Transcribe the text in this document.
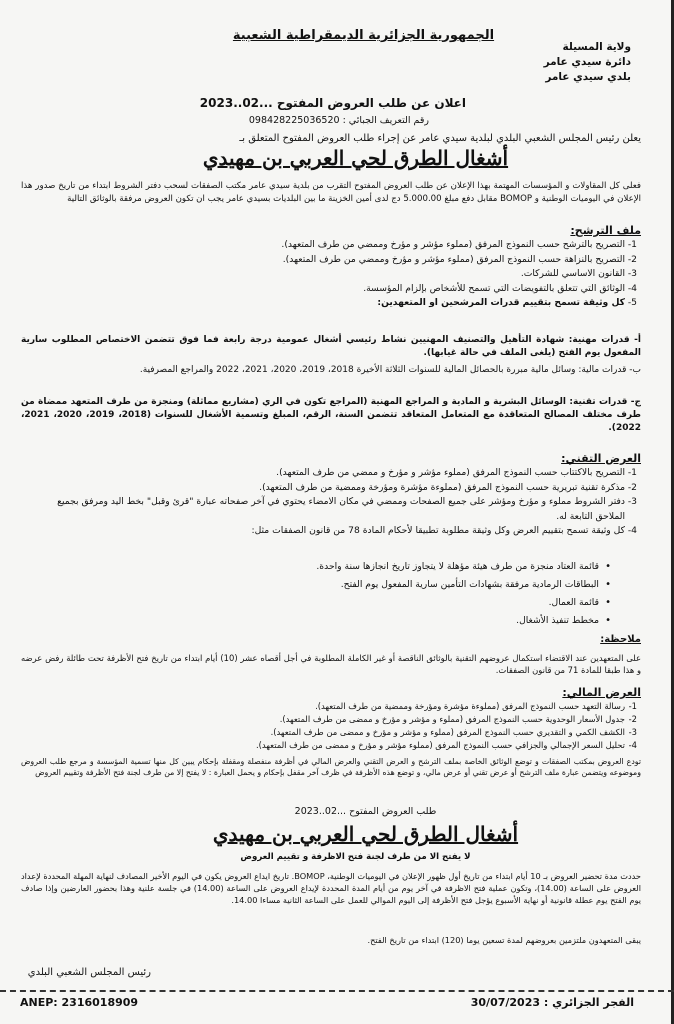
الجمهورية الجزائرية الديمقراطية الشعبية
ولاية المسيلة
دائرة سيدي عامر
بلدي سيدي عامر
اعلان عن طلب العروض المفتوح ...02..2023
رقم التعريف الجبائي : 098428225036520
يعلن رئيس المجلس الشعبي البلدي لبلدية سيدي عامر عن إجراء طلب العروض المفتوح المتعلق بـ
أشغال الطرق لحي العربي بن مهيدي
فعلى كل المقاولات و المؤسسات المهتمة بهذا الإعلان عن طلب العروض المفتوح التقرب من بلدية سيدي عامر مكتب الصفقات لسحب دفتر الشروط ابتداء من تاريخ صدور هذا الإعلان في اليوميات الوطنية و BOMOP مقابل دفع مبلغ 5.000.00 دج لدى أمين الخزينة ما بين البلديات بسيدي عامر يجب ان تكون العروض مرفقة بالوثائق التالية
ملف الترشح:
1-
التصريح بالترشح حسب النموذج المرفق (مملوء مؤشر و مؤرخ وممضي من طرف المتعهد).
2-
التصريح بالنزاهة حسب النموذج المرفق (مملوء مؤشر و مؤرخ وممضي من طرف المتعهد).
3-
القانون الاساسي للشركات.
4-
الوثائق التي تتعلق بالتفويضات التي تسمح للأشخاص بإلزام المؤسسة.
5-
كل وثيقة تسمح بتقييم قدرات المرشحين او المتعهدين:
أ- قدرات مهنية: شهادة التأهيل والتصنيف المهنيين نشاط رئيسي أشغال عمومية درجة رابعة فما فوق تتضمن الاختصاص المطلوب سارية المفعول يوم الفتح (يلغى الملف في حالة غيابها).
ب- قدرات مالية: وسائل مالية مبررة بالحصائل المالية للسنوات الثلاثة الأخيرة 2018، 2019، 2020، 2021، 2022 والمراجع المصرفية.
ج- قدرات تقنية: الوسائل البشرية و المادية و المراجع المهنية (المراجع تكون في الري (مشاريع مماثلة) ومنجزة من طرف المتعهد ممضاة من طرف مختلف المصالح المتعاقدة مع المتعامل المتعاقد تتضمن السنة، الرقم، المبلغ وتسمية الأشغال للسنوات (2018، 2019، 2020، 2021، 2022).
العرض التقني:
1-
التصريح بالاكتتاب حسب النموذج المرفق (مملوء مؤشر و مؤرخ و ممضي من طرف المتعهد).
2-
مذكرة تقنية تبريرية حسب النموذج المرفق (مملوءة مؤشرة ومؤرخة وممضية من طرف المتعهد).
3-
دفتر الشروط مملوء و مؤرخ ومؤشر على جميع الصفحات وممضي في مكان الامضاء يحتوي في آخر صفحاته عبارة "قرئ وقبل" بخط اليد ومرفق بجميع الملاحق التابعة له.
4-
كل وثيقة تسمح بتقييم العرض وكل وثيقة مطلوبة تطبيقا لأحكام المادة 78 من قانون الصفقات مثل:
•
قائمة العتاد منجزة من طرف هيئة مؤهلة لا يتجاوز تاريخ انجازها سنة واحدة.
•
البطاقات الرمادية مرفقة بشهادات التأمين سارية المفعول يوم الفتح.
•
قائمة العمال.
•
مخطط تنفيذ الأشغال.
ملاحظة:
على المتعهدين عند الاقتضاء استكمال عروضهم التقنية بالوثائق الناقصة أو غير الكاملة المطلوبة في أجل أقصاه عشر (10) أيام ابتداء من تاريخ فتح الأظرفة تحت طائلة رفض عرضه و هذا طبقا للمادة 71 من قانون الصفقات.
العرض المالي:
1-
رسالة التعهد حسب النموذج المرفق (مملوءة مؤشرة ومؤرخة وممضية من طرف المتعهد).
2-
جدول الأسعار الوحدوية حسب النموذج المرفق (مملوء و مؤشر و مؤرخ و ممضى من طرف المتعهد).
3-
الكشف الكمي و التقديري حسب النموذج المرفق (مملوء و مؤشر و مؤرخ و ممضى من طرف المتعهد).
4-
تحليل السعر الإجمالي والجزافي حسب النموذج المرفق (مملوء مؤشر و مؤرخ و ممضى من طرف المتعهد).
تودع العروض بمكتب الصفقات و توضع الوثائق الخاصة بملف الترشح و العرض التقني والعرض المالي في أظرفة منفصلة ومقفلة بإحكام يبين كل منها تسمية المؤسسة و مرجع طلب العروض وموضوعه ويتضمن عبارة ملف الترشح أو عرض تقني أو عرض مالي، و توضع هذه الأظرفة في ظرف آخر مقفل بإحكام و يحمل العبارة : لا يفتح إلا من طرف لجنة فتح الأظرفة وتقييم العروض
طلب العروض المفتوح ...02..2023
أشغال الطرق لحي العربي بن مهيدي
لا يفتح الا من طرف لجنة فتح الاظرفة و تقييم العروض
حددت مدة تحضير العروض بـ 10 أيام ابتداء من تاريخ أول ظهور الإعلان في اليوميات الوطنية، BOMOP. تاريخ ايداع العروض يكون في اليوم الأخير المصادف لنهاية المهلة المحددة لإعداد العروض على الساعة (14.00)، وتكون عملية فتح الاظرفة في آخر يوم من أيام المدة المحددة لإيداع العروض على الساعة (14.00) في جلسة علنية وهذا بحضور العارضين وإذا صادف يوم الفتح يوم عطلة قانونية أو نهاية الأسبوع يؤجل فتح الأظرفة إلى اليوم الموالي للعمل على الساعة الثانية مساءا 14.00.
يبقى المتعهدون ملتزمين بعروضهم لمدة تسعين يوما (120) ابتداء من تاريخ الفتح.
رئيس المجلس الشعبي البلدي
الفجر الجزائري : 30/07/2023
ANEP: 2316018909
